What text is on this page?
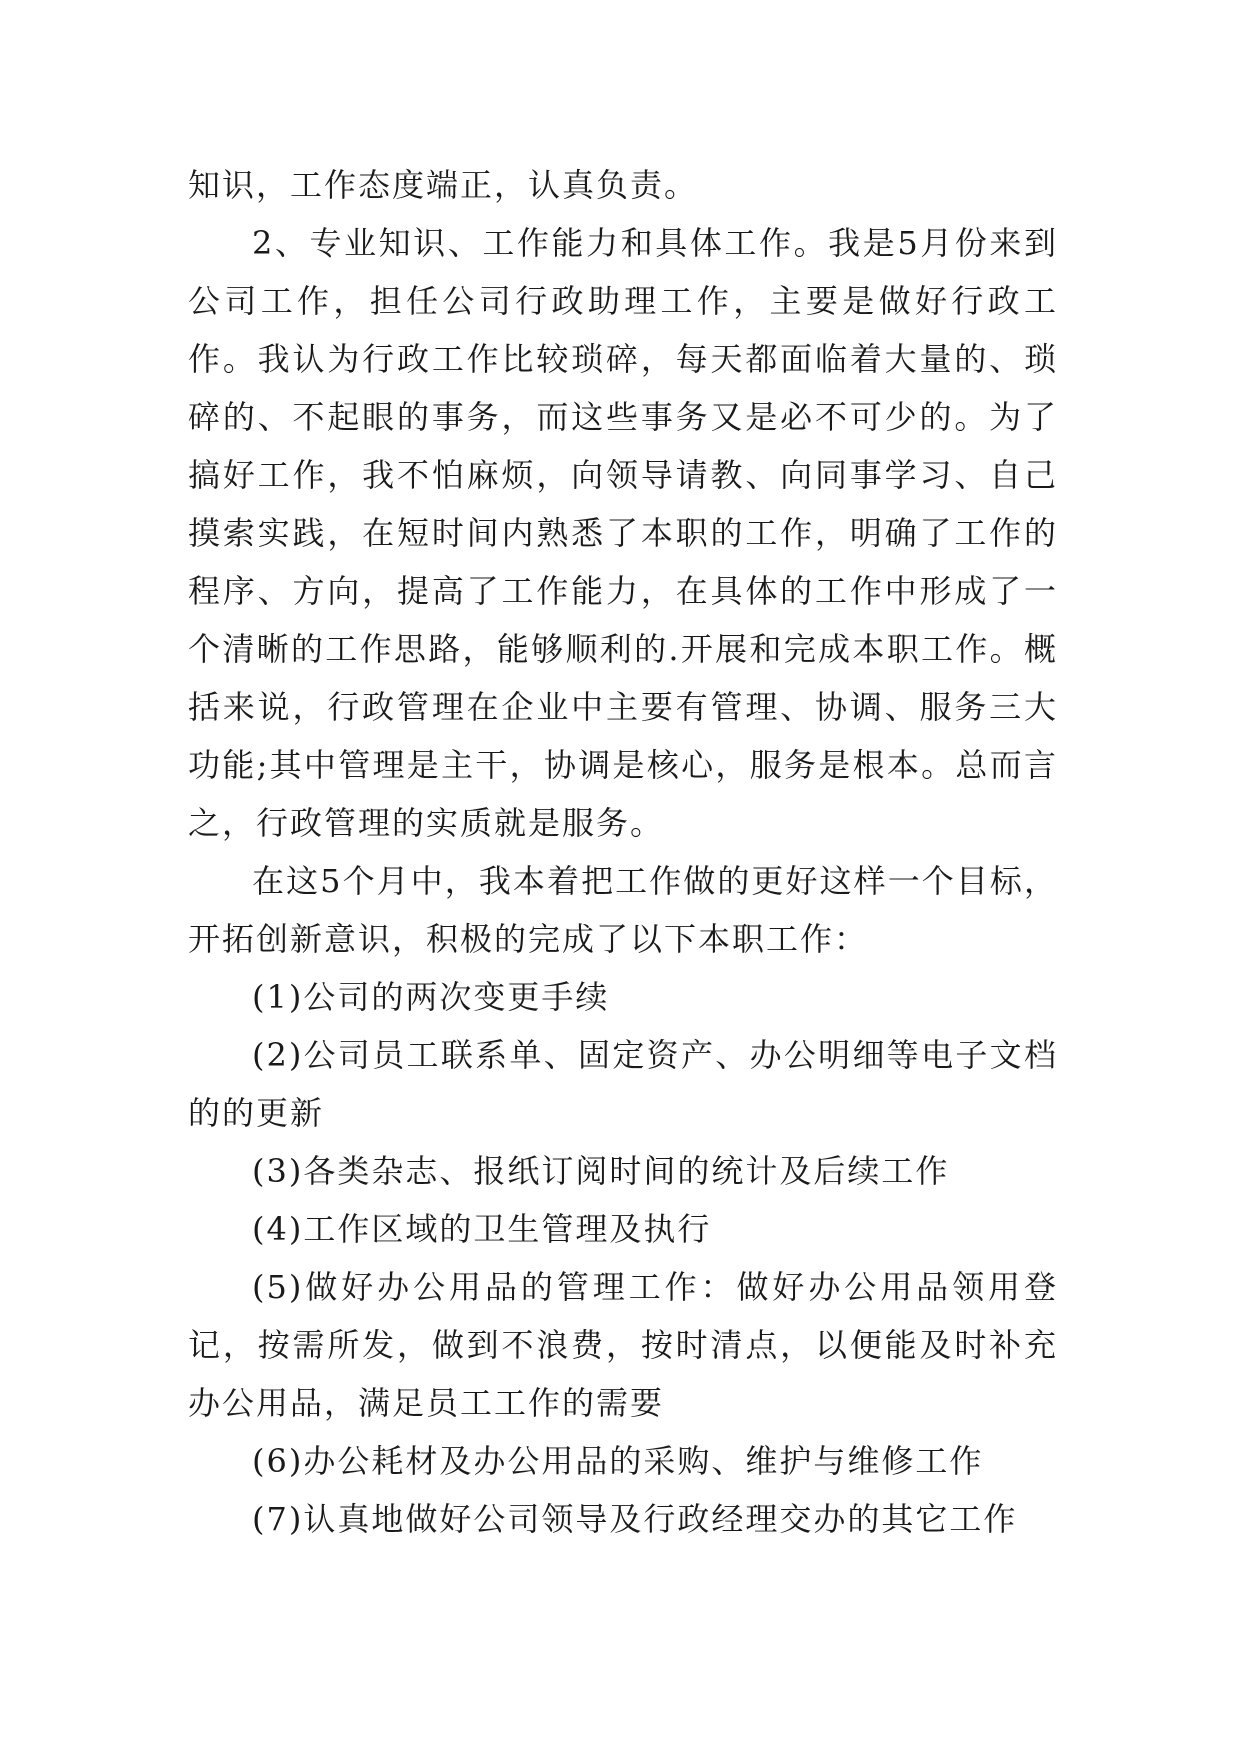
知识，工作态度端正，认真负责。

2、专业知识、工作能力和具体工作。我是5月份来到公司工作，担任公司行政助理工作，主要是做好行政工作。我认为行政工作比较琐碎，每天都面临着大量的、琐碎的、不起眼的事务，而这些事务又是必不可少的。为了搞好工作，我不怕麻烦，向领导请教、向同事学习、自己摸索实践，在短时间内熟悉了本职的工作，明确了工作的程序、方向，提高了工作能力，在具体的工作中形成了一个清晰的工作思路，能够顺利的.开展和完成本职工作。概括来说，行政管理在企业中主要有管理、协调、服务三大功能;其中管理是主干，协调是核心，服务是根本。总而言之，行政管理的实质就是服务。

在这5个月中，我本着把工作做的更好这样一个目标，开拓创新意识，积极的完成了以下本职工作：

(1)公司的两次变更手续

(2)公司员工联系单、固定资产、办公明细等电子文档的的更新

(3)各类杂志、报纸订阅时间的统计及后续工作

(4)工作区域的卫生管理及执行

(5)做好办公用品的管理工作：做好办公用品领用登记，按需所发，做到不浪费，按时清点，以便能及时补充办公用品，满足员工工作的需要

(6)办公耗材及办公用品的采购、维护与维修工作

(7)认真地做好公司领导及行政经理交办的其它工作
